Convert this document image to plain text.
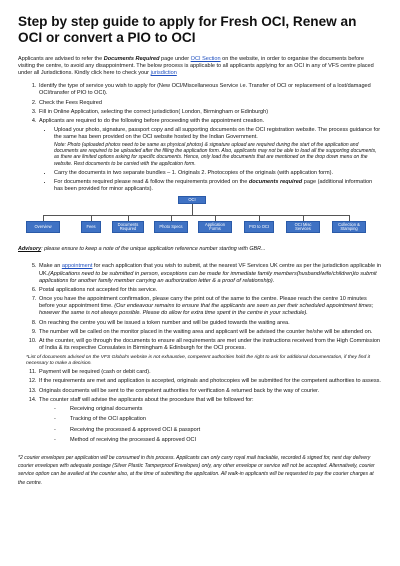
Step by step guide to apply for Fresh OCI, Renew an OCI or convert a PIO to OCI

Applicants are advised to refer the Documents Required page under OCI Section on the website, in order to organise the documents before visiting the centre, to avoid any disappointment. The below process is applicable to all applicants applying for an OCI in any of VFS centre placed under all Jurisdictions. Kindly click here to check your jurisdiction

1. Identify the type of service you wish to apply for (New OCI/Miscellaneous Service i.e. Transfer of OCI or replacement of a lost/damaged OCI/transfer of PIO to OCI).
2. Check the Fees Required
3. Fill in Online Application, selecting the correct jurisdiction( London, Birmingham or Edinburgh)
4. Applicants are required to do the following before proceeding with the appointment creation.
• Upload your photo, signature, passport copy and all supporting documents on the OCI registration website. The process guidance for the same has been provided on the OCI website hosted by the Indian Government.
Note: Photo (uploaded photos need to be same as physical photos) & signature upload are required during the start of the application and documents are required to be uploaded after the filling the application form. Also, applicants may not be able to load all the supporting documents, as there are limited options asking for specific documents. Hence, only load the documents that are mentioned on the drop down menu on the website. Rest documents to be carried with the application form.
• Carry the documents in two separate bundles – 1. Originals 2. Photocopies of the originals (with application form).
• For documents required please read & follow the requirements provided on the documents required page (additional information has been provided for minor applicants).
OCI
Overview	Fees	Documents Required	Photo Specs	Application Forms	PIO to OCI	OCI Misc Services
Collection & Stamping
Advisory: please ensure to keep a note of the unique application reference number starting with GBR...
5. Make an appointment for each application that you wish to submit, at the nearest VF Services UK centre as per the jurisdiction applicable in UK.(Applications need to be submitted in person, exceptions can be made for immediate family members(husband/wife/children)to submit applications for another family member carrying an authorization letter & a proof of relationship).
6. Postal applications not accepted for this service.
7. Once you have the appointment confirmation, please carry the print out of the same to the centre. Please reach the centre 10 minutes before your appointment time. (Our endeavour remains to ensure that the applicants are seen as per their scheduled appointment times; however the same is not always possible. Please do allow for extra time spent in the centre in your schedule).
8. On reaching the centre you will be issued a token number and will be guided towards the waiting area.
9. The number will be called on the monitor placed in the waiting area and applicant will be advised the counter he/she will be attended on.
10. At the counter, will go through the documents to ensure all requirements are met under the instructions received from the High Commission of India & its respective Consulates in Birmingham & Edinburgh for the OCI process.
*List of documents advised on the VFS Global's website is not exhaustive, competent authorities hold the right to ask for additional documentation, if they find it necessary to make a decision.
11. Payment will be required (cash or debit card).
12. If the requirements are met and application is accepted, originals and photocopies will be submitted for the competent authorities to assess.
13. Originals documents will be sent to the competent authorities for verification & returned back by the way of courier.
14. The counter staff will advise the applicants about the procedure that will be followed for:
- Receiving original documents
- Tracking of the OCI application
- Receiving the processed & approved OCI & passport
- Method of receiving the processed & approved OCI
*2 courier envelopes per application will be consumed in this process. Applicants can only carry royal mail trackable, recorded & signed for, next day delivery courier envelopes with adequate postage (Silver Plastic Tamperproof Envelopes) only, any other envelope or service will not be accepted. Alternatively, courier service option can be availed at the counter also, at the time of submitting the application. All walk-in applicants will be requested to pay the courier charges at the centre.
